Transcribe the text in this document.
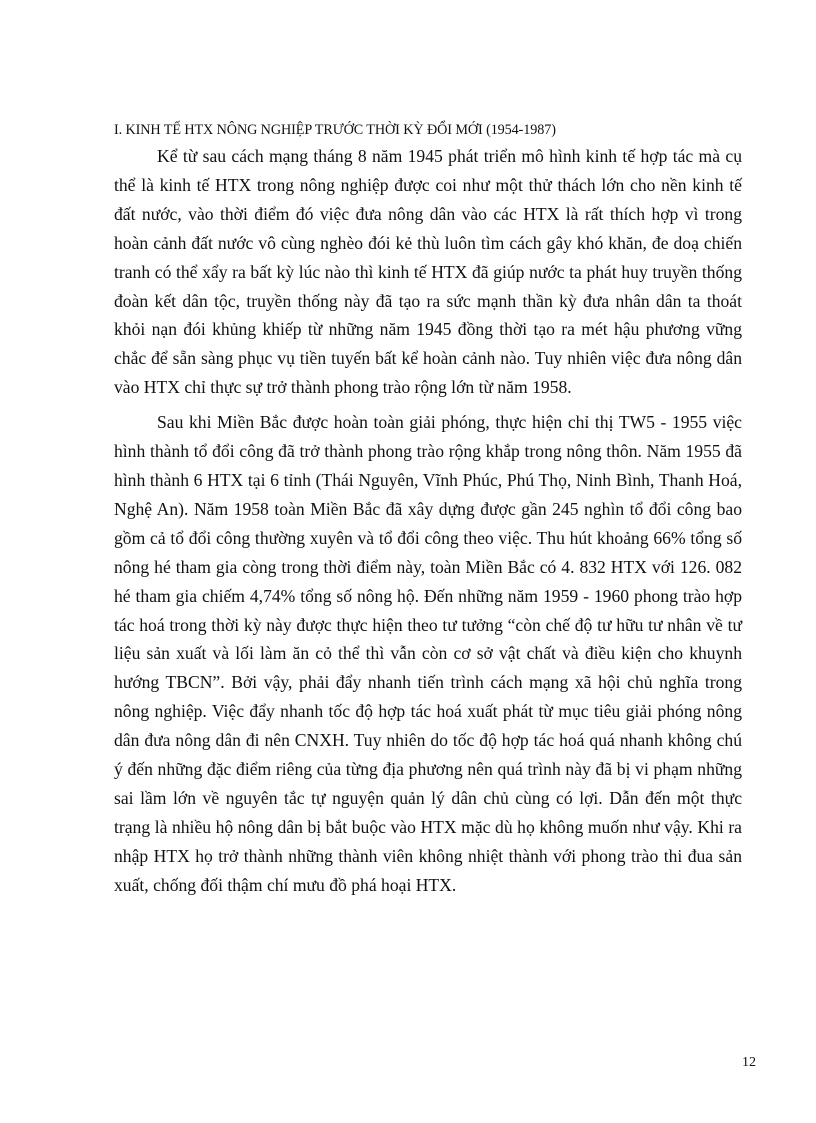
I. KINH TẾ HTX NÔNG NGHIỆP TRƯỚC THỜI KỲ ĐỔI MỚI (1954-1987)

Kể từ sau cách mạng tháng 8 năm 1945 phát triển mô hình kinh tế hợp tác mà cụ thể là kinh tế HTX trong nông nghiệp được coi như một thử thách lớn cho nền kinh tế đất nước, vào thời điểm đó việc đưa nông dân vào các HTX là rất thích hợp vì trong hoàn cảnh đất nước vô cùng nghèo đói kẻ thù luôn tìm cách gây khó khăn, đe doạ chiến tranh có thể xẩy ra bất kỳ lúc nào thì kinh tế HTX đã giúp nước ta phát huy truyền thống đoàn kết dân tộc, truyền thống này đã tạo ra sức mạnh thần kỳ đưa nhân dân ta thoát khỏi nạn đói khủng khiếp từ những năm 1945 đồng thời tạo ra mét hậu phương vững chắc để sẵn sàng phục vụ tiền tuyến bất kể hoàn cảnh nào. Tuy nhiên việc đưa nông dân vào HTX chỉ thực sự trở thành phong trào rộng lớn từ năm 1958.

Sau khi Miền Bắc được hoàn toàn giải phóng, thực hiện chỉ thị TW5 - 1955 việc hình thành tổ đổi công đã trở thành phong trào rộng khắp trong nông thôn. Năm 1955 đã hình thành 6 HTX tại 6 tỉnh (Thái Nguyên, Vĩnh Phúc, Phú Thọ, Ninh Bình, Thanh Hoá, Nghệ An). Năm 1958 toàn Miền Bắc đã xây dựng được gần 245 nghìn tổ đổi công bao gồm cả tổ đổi công thường xuyên và tổ đổi công theo việc. Thu hút khoảng 66% tổng số nông hé tham gia còng trong thời điểm này, toàn Miền Bắc có 4. 832 HTX với 126. 082 hé tham gia chiếm 4,74% tổng số nông hộ. Đến những năm 1959 - 1960 phong trào hợp tác hoá trong thời kỳ này được thực hiện theo tư tưởng “còn chế độ tư hữu tư nhân về tư liệu sản xuất và lối làm ăn cỏ thể thì vẫn còn cơ sở vật chất và điều kiện cho khuynh hướng TBCN”. Bởi vậy, phải đẩy nhanh tiến trình cách mạng xã hội chủ nghĩa trong nông nghiệp. Việc đẩy nhanh tốc độ hợp tác hoá xuất phát từ mục tiêu giải phóng nông dân đưa nông dân đi nên CNXH. Tuy nhiên do tốc độ hợp tác hoá quá nhanh không chú ý đến những đặc điểm riêng của từng địa phương nên quá trình này đã bị vi phạm những sai lầm lớn về nguyên tắc tự nguyện quản lý dân chủ cùng có lợi. Dẫn đến một thực trạng là nhiều hộ nông dân bị bắt buộc vào HTX mặc dù họ không muốn như vậy. Khi ra nhập HTX họ trở thành những thành viên không nhiệt thành với phong trào thi đua sản xuất, chống đối thậm chí mưu đồ phá hoại HTX.

12
